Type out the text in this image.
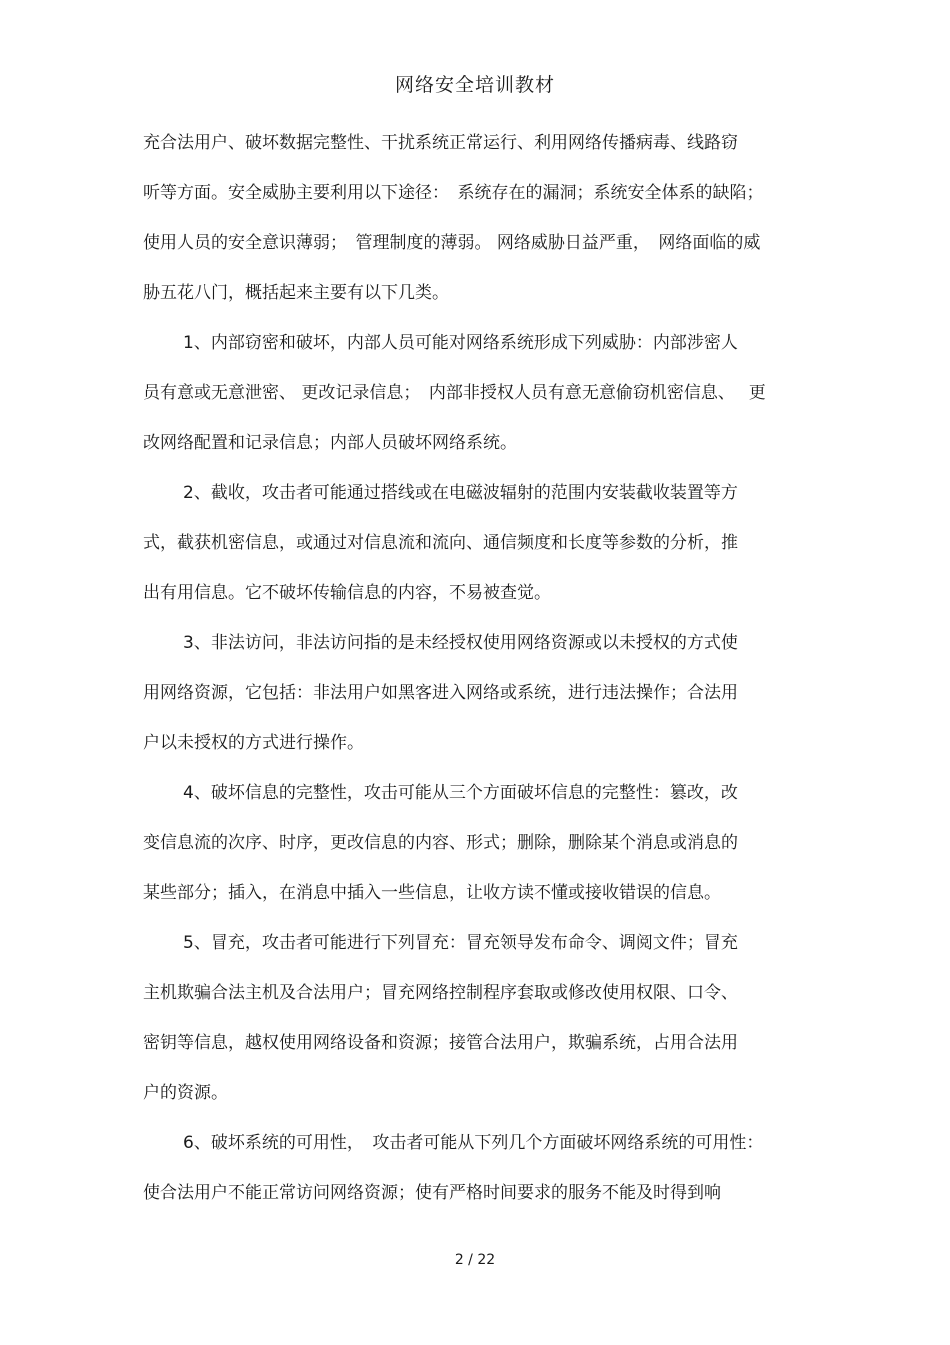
网络安全培训教材
充合法用户、破坏数据完整性、干扰系统正常运行、利用网络传播病毒、线路窃
听等方面。安全威胁主要利用以下途径：　系统存在的漏洞；系统安全体系的缺陷；
使用人员的安全意识薄弱；　管理制度的薄弱。 网络威胁日益严重，　网络面临的威
胁五花八门，概括起来主要有以下几类。
1、内部窃密和破坏，内部人员可能对网络系统形成下列威胁：内部涉密人
员有意或无意泄密、 更改记录信息；　内部非授权人员有意无意偷窃机密信息、　 更
改网络配置和记录信息；内部人员破坏网络系统。
2、截收，攻击者可能通过搭线或在电磁波辐射的范围内安装截收装置等方
式，截获机密信息，或通过对信息流和流向、通信频度和长度等参数的分析，推
出有用信息。它不破坏传输信息的内容，不易被查觉。
3、非法访问，非法访问指的是未经授权使用网络资源或以未授权的方式使
用网络资源，它包括：非法用户如黑客进入网络或系统，进行违法操作；合法用
户以未授权的方式进行操作。
4、破坏信息的完整性，攻击可能从三个方面破坏信息的完整性：篡改，改
变信息流的次序、时序，更改信息的内容、形式；删除，删除某个消息或消息的
某些部分；插入，在消息中插入一些信息，让收方读不懂或接收错误的信息。
5、冒充，攻击者可能进行下列冒充：冒充领导发布命令、调阅文件；冒充
主机欺骗合法主机及合法用户；冒充网络控制程序套取或修改使用权限、口令、
密钥等信息，越权使用网络设备和资源；接管合法用户，欺骗系统，占用合法用
户的资源。
6、破坏系统的可用性，　攻击者可能从下列几个方面破坏网络系统的可用性：
使合法用户不能正常访问网络资源；使有严格时间要求的服务不能及时得到响
2 / 22
